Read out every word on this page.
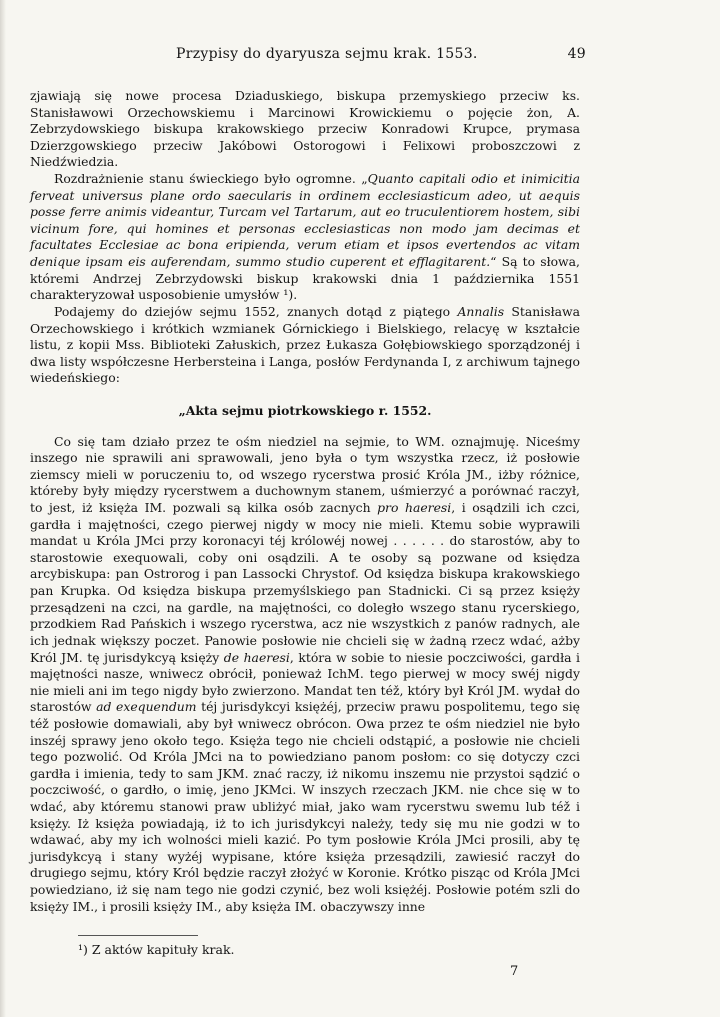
Przypisy do dyaryusza sejmu krak. 1553.	49

zjawiają się nowe procesa Dziaduskiego, biskupa przemyskiego przeciw ks. Stanisławowi Orzechowskiemu i Marcinowi Krowickiemu o pojęcie żon, A. Zebrzydowskiego biskupa krakowskiego przeciw Konradowi Krupce, prymasa Dzierzgowskiego przeciw Jakóbowi Ostorogowi i Felixowi proboszczowi z Niedźwiedzia.

Rozdrażnienie stanu świeckiego było ogromne. „Quanto capitali odio et inimicitia ferveat universus plane ordo saecularis in ordinem ecclesiasticum adeo, ut aequis posse ferre animis videantur, Turcam vel Tartarum, aut eo truculentiorem hostem, sibi vicinum fore, qui homines et personas ecclesiasticas non modo jam decimas et facultates Ecclesiae ac bona eripienda, verum etiam et ipsos evertendos ac vitam denique ipsam eis auferendam, summo studio cuperent et efflagitarent.“ Są to słowa, któremi Andrzej Zebrzydowski biskup krakowski dnia 1 października 1551 charakteryzował usposobienie umysłów ¹).

Podajemy do dziejów sejmu 1552, znanych dotąd z piątego Annalis Stanisława Orzechowskiego i krótkich wzmianek Górnickiego i Bielskiego, relacyę w kształcie listu, z kopii Mss. Biblioteki Załuskich, przez Łukasza Gołębiowskiego sporządzonéj i dwa listy współczesne Herbersteina i Langa, posłów Ferdynanda I, z archiwum tajnego wiedeńskiego:

„Akta sejmu piotrkowskiego r. 1552.

Co się tam działo przez te ośm niedziel na sejmie, to WM. oznajmuję. Niceśmy inszego nie sprawili ani sprawowali, jeno była o tym wszystka rzecz, iż posłowie ziemscy mieli w poruczeniu to, od wszego rycerstwa prosić Króla JM., iżby różnice, któreby były między rycerstwem a duchownym stanem, uśmierzyć a porównać raczył, to jest, iż księża IM. pozwali są kilka osób zacnych pro haeresi, i osądzili ich czci, gardła i majętności, czego pierwej nigdy w mocy nie mieli. Ktemu sobie wyprawili mandat u Króla JMci przy koronacyi téj królowéj nowej . . . . . . do starostów, aby to starostowie exequowali, coby oni osądzili. A te osoby są pozwane od księdza arcybiskupa: pan Ostrorog i pan Lassocki Chrystof. Od księdza biskupa krakowskiego pan Krupka. Od księdza biskupa przemyślskiego pan Stadnicki. Ci są przez księży przesądzeni na czci, na gardle, na majętności, co doległo wszego stanu rycerskiego, przodkiem Rad Pańskich i wszego rycerstwa, acz nie wszystkich z panów radnych, ale ich jednak większy poczet. Panowie posłowie nie chcieli się w żadną rzecz wdać, ażby Król JM. tę jurisdykcyą księży de haeresi, która w sobie to niesie poczciwości, gardła i majętności nasze, wniwecz obrócił, ponieważ IchM. tego pierwej w mocy swéj nigdy nie mieli ani im tego nigdy było zwierzono. Mandat ten též, który był Król JM. wydał do starostów ad exequendum téj jurisdykcyi księżéj, przeciw prawu pospolitemu, tego się též posłowie domawiali, aby był wniwecz obrócon. Owa przez te ośm niedziel nie było inszéj sprawy jeno około tego. Księża tego nie chcieli odstąpić, a posłowie nie chcieli tego pozwolić. Od Króla JMci na to powiedziano panom posłom: co się dotyczy czci gardła i imienia, tedy to sam JKM. znać raczy, iż nikomu inszemu nie przystoi sądzić o poczciwość, o gardło, o imię, jeno JKMci. W inszych rzeczach JKM. nie chce się w to wdać, aby któremu stanowi praw ubliżyć miał, jako wam rycerstwu swemu lub též i księży. Iż księża powiadają, iż to ich jurisdykcyi należy, tedy się mu nie godzi w to wdawać, aby my ich wolności mieli kazić. Po tym posłowie Króla JMci prosili, aby tę jurisdykcyą i stany wyżéj wypisane, które księża przesądzili, zawiesić raczył do drugiego sejmu, który Król będzie raczył złożyć w Koronie. Krótko pisząc od Króla JMci powiedziano, iż się nam tego nie godzi czynić, bez woli księżéj. Posłowie potém szli do księży IM., i prosili księży IM., aby księża IM. obaczywszy inne

¹) Z aktów kapituły krak.
7
